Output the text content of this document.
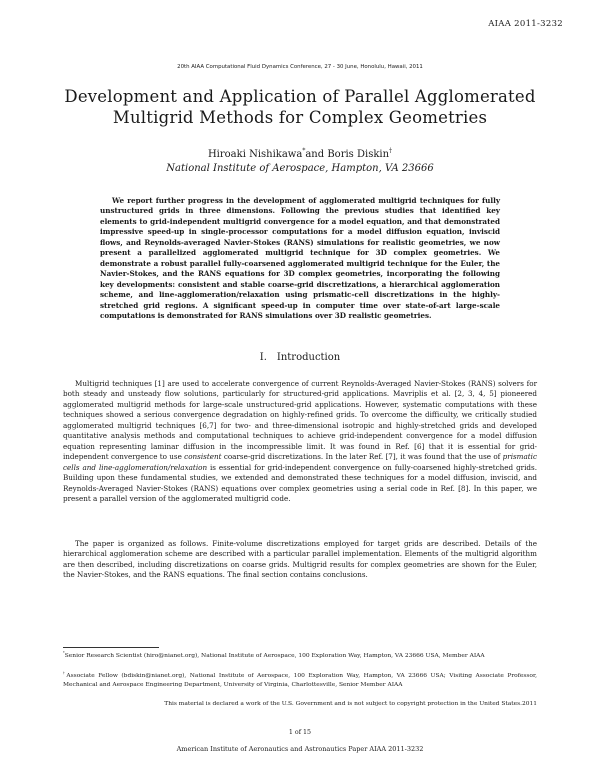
AIAA 2011-3232
20th AIAA Computational Fluid Dynamics Conference, 27 - 30 June, Honolulu, Hawaii, 2011
Development and Application of Parallel Agglomerated Multigrid Methods for Complex Geometries
Hiroaki Nishikawa*and Boris Diskin†
National Institute of Aerospace, Hampton, VA 23666

We report further progress in the development of agglomerated multigrid techniques for fully unstructured grids in three dimensions. Following the previous studies that identified key elements to grid-independent multigrid convergence for a model equation, and that demonstrated impressive speed-up in single-processor computations for a model diffusion equation, inviscid flows, and Reynolds-averaged Navier-Stokes (RANS) simulations for realistic geometries, we now present a parallelized agglomerated multigrid technique for 3D complex geometries. We demonstrate a robust parallel fully-coarsened agglomerated multigrid technique for the Euler, the Navier-Stokes, and the RANS equations for 3D complex geometries, incorporating the following key developments: consistent and stable coarse-grid discretizations, a hierarchical agglomeration scheme, and line-agglomeration/relaxation using prismatic-cell discretizations in the highly-stretched grid regions. A significant speed-up in computer time over state-of-art large-scale computations is demonstrated for RANS simulations over 3D realistic geometries.

I. Introduction

Multigrid techniques [1] are used to accelerate convergence of current Reynolds-Averaged Navier-Stokes (RANS) solvers for both steady and unsteady flow solutions, particularly for structured-grid applications. Mavriplis et al. [2, 3, 4, 5] pioneered agglomerated multigrid methods for large-scale unstructured-grid applications. However, systematic computations with these techniques showed a serious convergence degradation on highly-refined grids. To overcome the difficulty, we critically studied agglomerated multigrid techniques [6,7] for two- and three-dimensional isotropic and highly-stretched grids and developed quantitative analysis methods and computational techniques to achieve grid-independent convergence for a model diffusion equation representing laminar diffusion in the incompressible limit. It was found in Ref. [6] that it is essential for grid-independent convergence to use consistent coarse-grid discretizations. In the later Ref. [7], it was found that the use of prismatic cells and line-agglomeration/relaxation is essential for grid-independent convergence on fully-coarsened highly-stretched grids. Building upon these fundamental studies, we extended and demonstrated these techniques for a model diffusion, inviscid, and Reynolds-Averaged Navier-Stokes (RANS) equations over complex geometries using a serial code in Ref. [8]. In this paper, we present a parallel version of the agglomerated multigrid code.

The paper is organized as follows. Finite-volume discretizations employed for target grids are described. Details of the hierarchical agglomeration scheme are described with a particular parallel implementation. Elements of the multigrid algorithm are then described, including discretizations on coarse grids. Multigrid results for complex geometries are shown for the Euler, the Navier-Stokes, and the RANS equations. The final section contains conclusions.

*Senior Research Scientist (hiro@nianet.org), National Institute of Aerospace, 100 Exploration Way, Hampton, VA 23666 USA, Member AIAA

†Associate Fellow (bdiskin@nianet.org), National Institute of Aerospace, 100 Exploration Way, Hampton, VA 23666 USA; Visiting Associate Professor, Mechanical and Aerospace Engineering Department, University of Virginia, Charlottesville, Senior Member AIAA

This material is declared a work of the U.S. Government and is not subject to copyright protection in the United States.2011

1 of 15
American Institute of Aeronautics and Astronautics Paper AIAA 2011-3232
